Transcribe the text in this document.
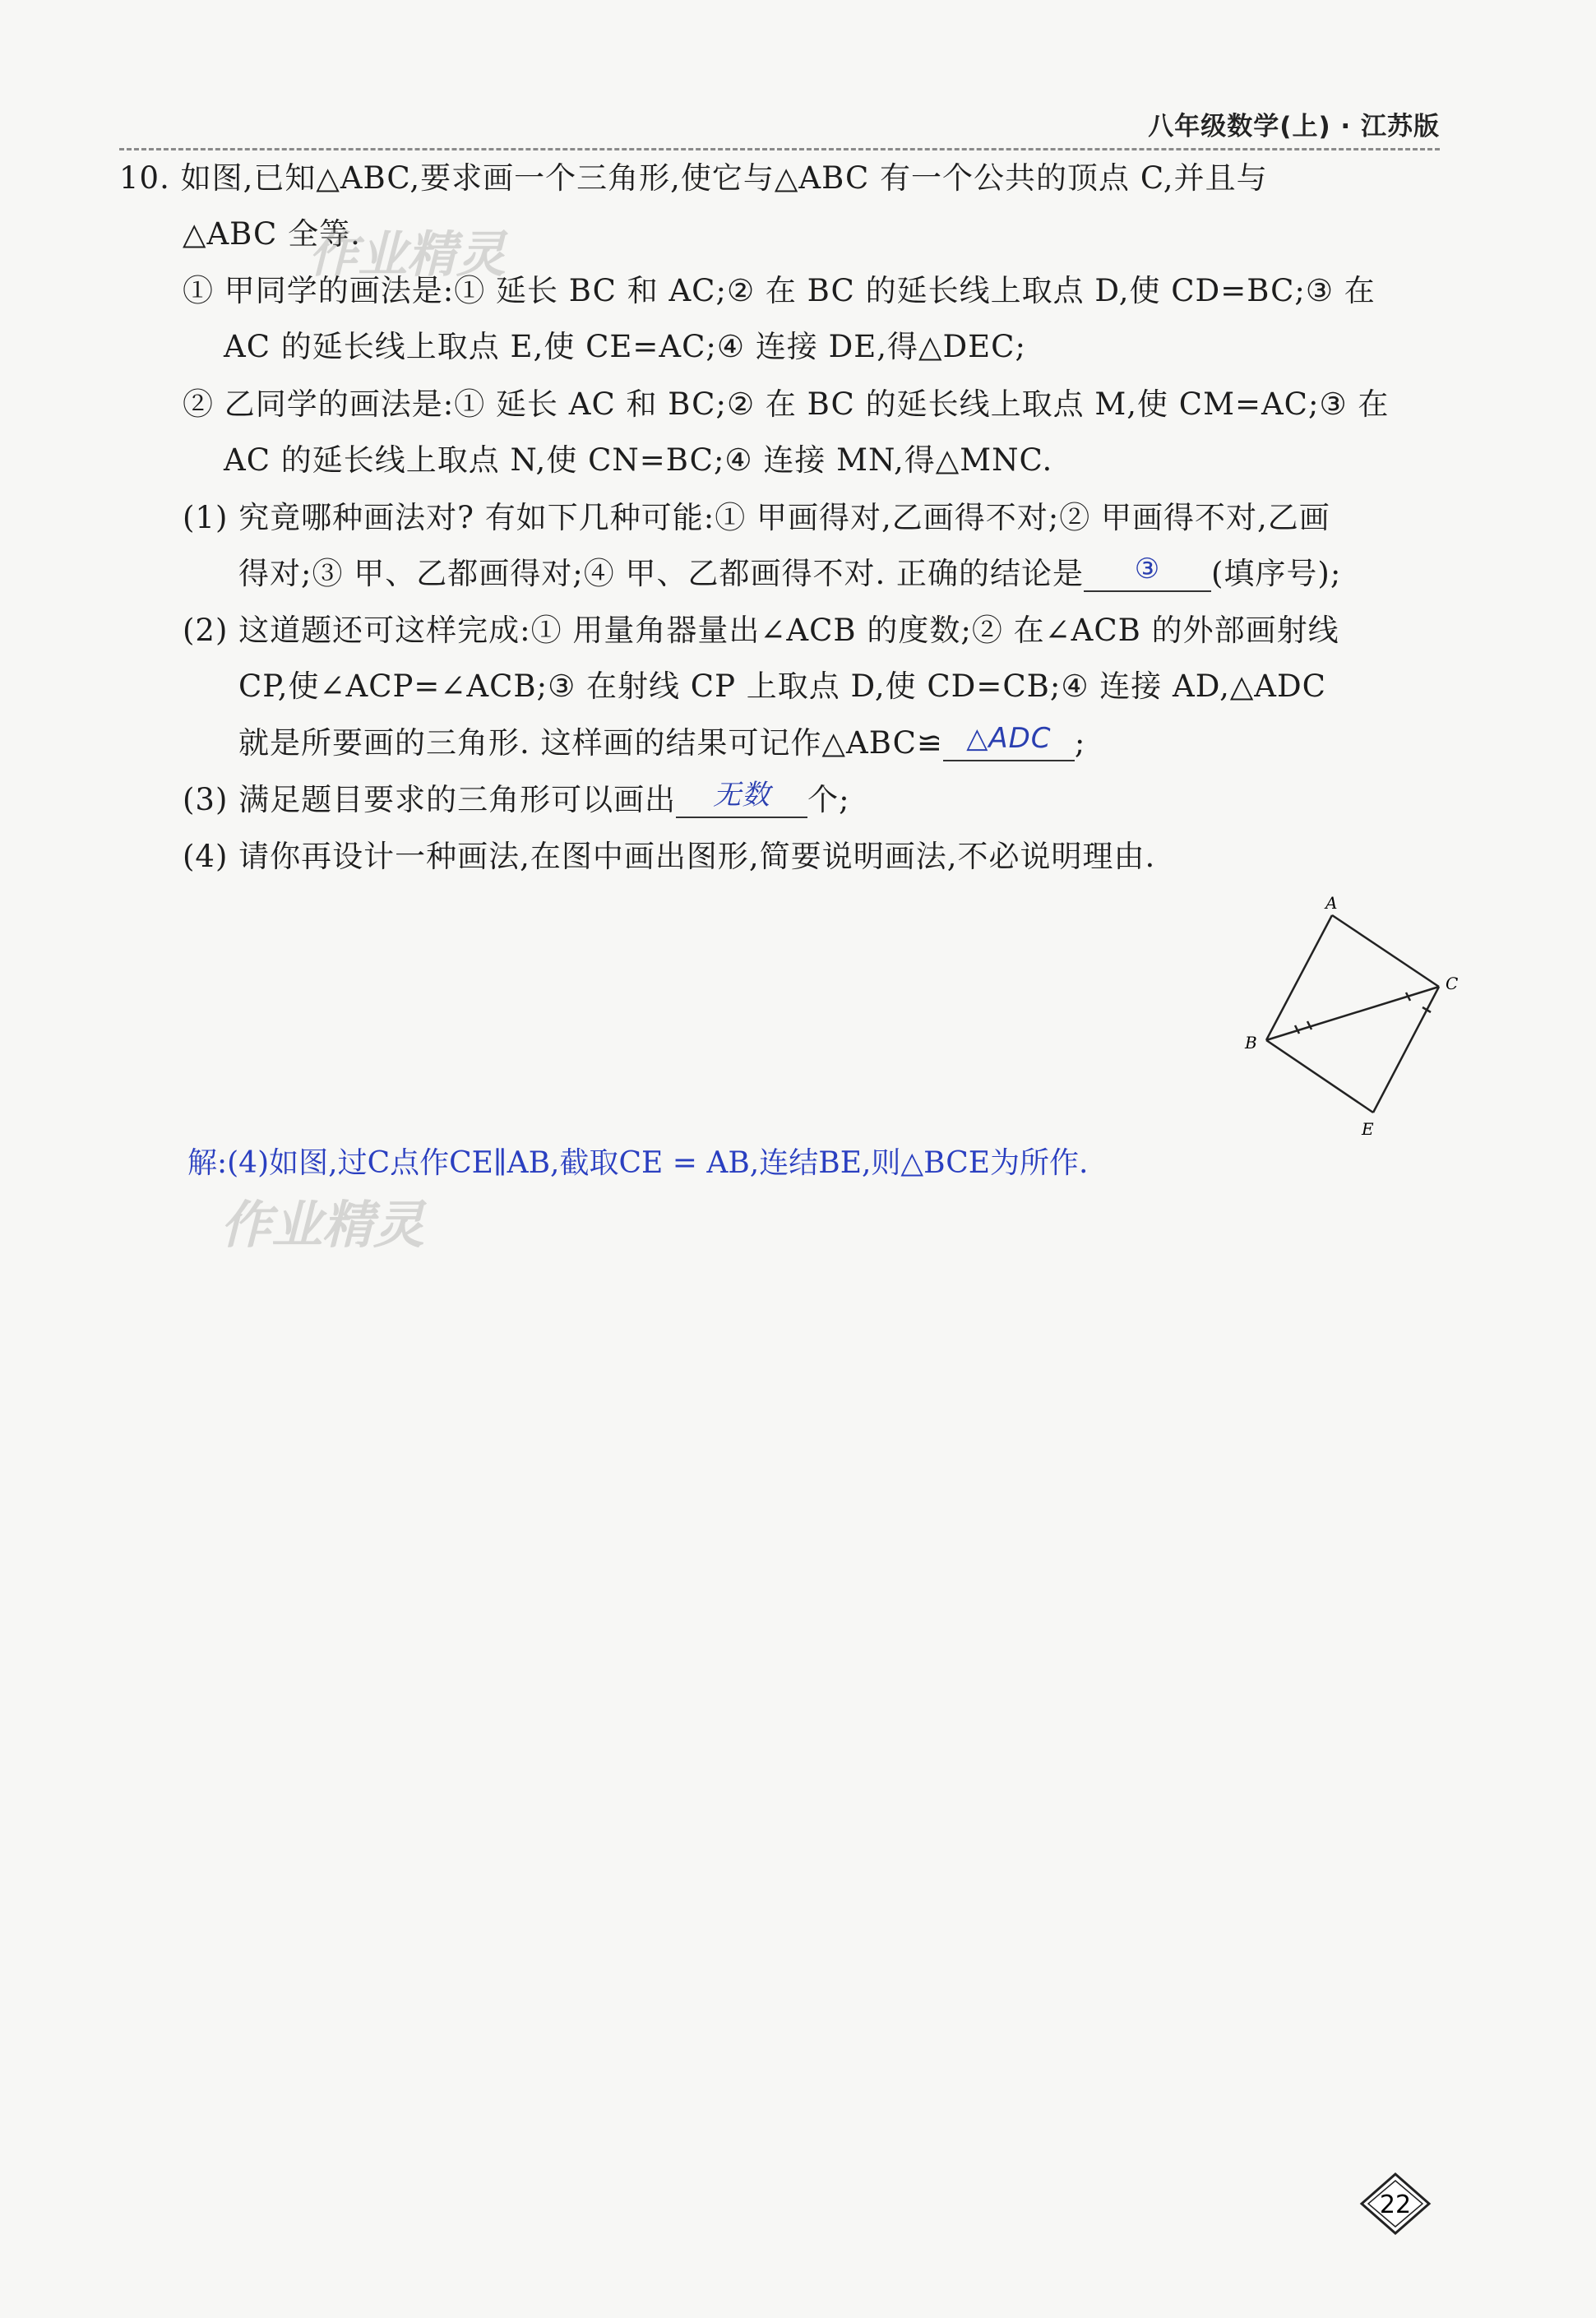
八年级数学(上) · 江苏版
10. 如图,已知△ABC,要求画一个三角形,使它与△ABC 有一个公共的顶点 C,并且与
△ABC 全等.
① 甲同学的画法是:① 延长 BC 和 AC;② 在 BC 的延长线上取点 D,使 CD=BC;③ 在
AC 的延长线上取点 E,使 CE=AC;④ 连接 DE,得△DEC;
② 乙同学的画法是:① 延长 AC 和 BC;② 在 BC 的延长线上取点 M,使 CM=AC;③ 在
AC 的延长线上取点 N,使 CN=BC;④ 连接 MN,得△MNC.
(1) 究竟哪种画法对? 有如下几种可能:① 甲画得对,乙画得不对;② 甲画得不对,乙画
得对;③ 甲、乙都画得对;④ 甲、乙都画得不对. 正确的结论是	③	(填序号);
(2) 这道题还可这样完成:① 用量角器量出∠ACB 的度数;② 在∠ACB 的外部画射线
CP,使∠ACP=∠ACB;③ 在射线 CP 上取点 D,使 CD=CB;④ 连接 AD,△ADC
就是所要画的三角形. 这样画的结果可记作△ABC≌ △ADC ;
(3) 满足题目要求的三角形可以画出	无数	个;
(4) 请你再设计一种画法,在图中画出图形,简要说明画法,不必说明理由.
A
B
C
E
解:(4)如图,过C点作CE∥AB,截取CE = AB,连结BE,则△BCE为所作.
作业精灵
作业精灵
22
